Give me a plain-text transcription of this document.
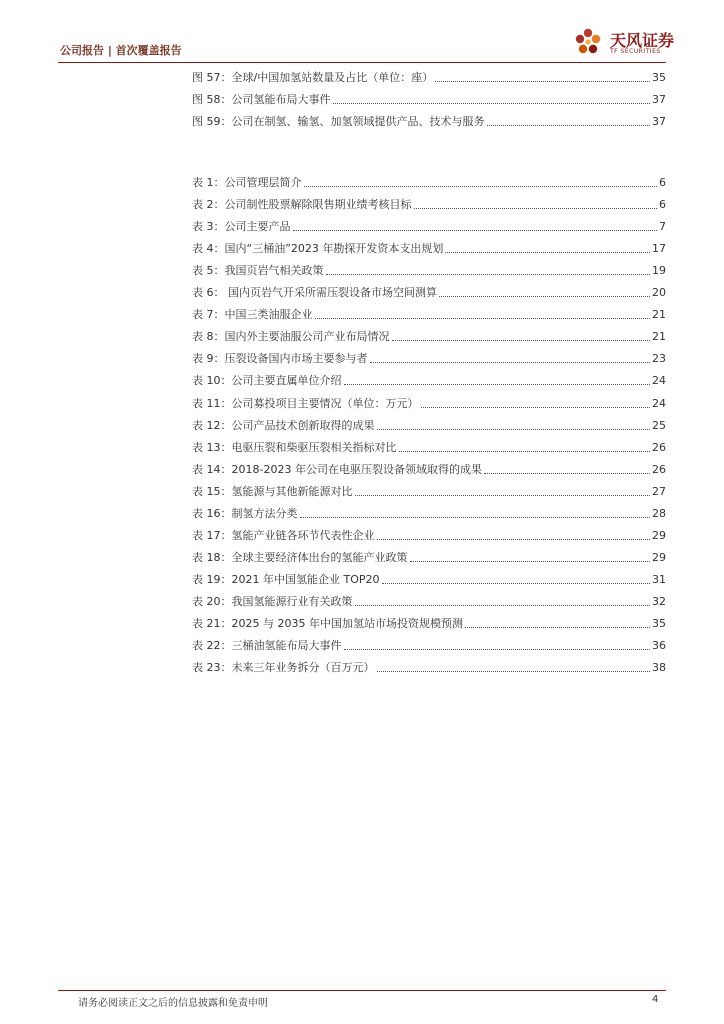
公司报告 | 首次覆盖报告
天风证券
TF SECURITIES
图 57：全球/中国加氢站数量及占比（单位：座）	35
图 58：公司氢能布局大事件	37
图 59：公司在制氢、输氢、加氢领域提供产品、技术与服务	37
表 1：公司管理层简介	6
表 2：公司制性股票解除限售期业绩考核目标	6
表 3：公司主要产品	7
表 4：国内“三桶油”2023 年勘探开发资本支出规划	17
表 5：我国页岩气相关政策	19
表 6： 国内页岩气开采所需压裂设备市场空间测算	20
表 7：中国三类油服企业	21
表 8：国内外主要油服公司产业布局情况	21
表 9：压裂设备国内市场主要参与者	23
表 10：公司主要直属单位介绍	24
表 11：公司募投项目主要情况（单位：万元）	24
表 12：公司产品技术创新取得的成果	25
表 13：电驱压裂和柴驱压裂相关指标对比	26
表 14：2018-2023 年公司在电驱压裂设备领域取得的成果	26
表 15：氢能源与其他新能源对比	27
表 16：制氢方法分类	28
表 17：氢能产业链各环节代表性企业	29
表 18：全球主要经济体出台的氢能产业政策	29
表 19：2021 年中国氢能企业 TOP20	31
表 20：我国氢能源行业有关政策	32
表 21：2025 与 2035 年中国加氢站市场投资规模预测	35
表 22：三桶油氢能布局大事件	36
表 23：未来三年业务拆分（百万元）	38
请务必阅读正文之后的信息披露和免责申明	4
